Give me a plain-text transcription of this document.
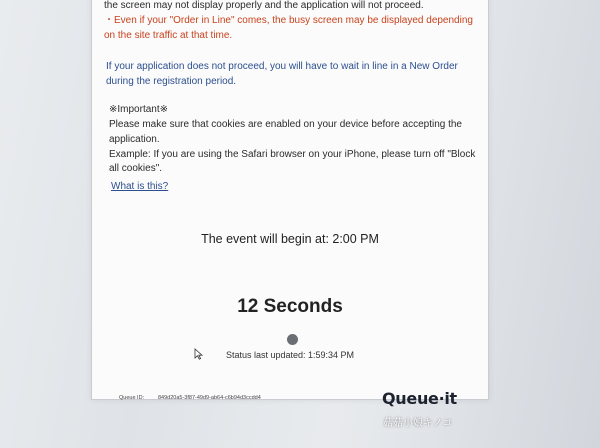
the screen may not display properly and the application will not proceed.
・Even if your "Order in Line" comes, the busy screen may be displayed depending
on the site traffic at that time.
If your application does not proceed, you will have to wait in line in a New Order
during the registration period.
※Important※
Please make sure that cookies are enabled on your device before accepting the
application.
Example: If you are using the Safari browser on your iPhone, please turn off "Block
all cookies".
What is this?
The event will begin at: 2:00 PM
12 Seconds
Status last updated: 1:59:34 PM
Queue ID:	849d20a5-3f87-49d9-ab64-c6b94d3ccdd4	Queue·it
菇菇小娘キノコ
